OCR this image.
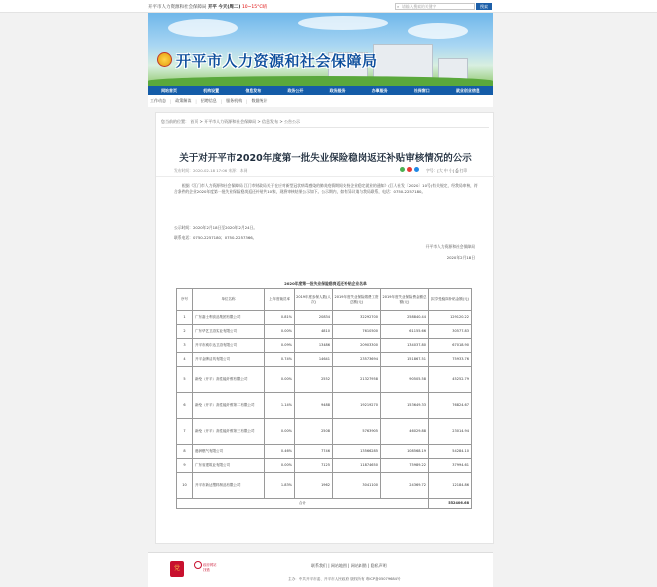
开平市人力资源和社会保障局 开平 今天(周二) 10~15°C晴	⌕ 请输入搜索的关键字	搜索
开平市人力资源和社会保障局
网站首页	机构设置	信息发布	政务公开	政务服务	办事服务	社保窗口	就业创业信息
工作动态 | 政策解读 | 招聘信息 | 服务机构 | 数据统计
您当前的位置： 首页 > 开平市人力资源和社会保障局 > 信息发布 > 公告公示
关于对开平市2020年度第一批失业保险稳岗返还补贴审核情况的公示
发布时间：2020-02-18 17:06 来源：本网	字号：[大 中 小] ⎙ 打印

根据《江门市人力资源和社会保障局 江门市财政局关于在应对新型冠状病毒感染的肺炎疫情期间支持企业稳定就业的通知》(江人社发〔2020〕10号)有关规定，经我局审核，符合条件的企业2020年度第一批失业保险稳岗返还补贴共10家，现将审核结果公示如下。公示期内，如有异议请与我局联系，电话：0750-2257180。

公示时间：2020年2月18日至2020年2月24日。
联系电话：0750-2257180；0750-2257366。
开平市人力资源和社会保障局
2020年2月18日
2020年度第一批失业保险稳岗返还补贴企业名单
序号	单位名称	上年度裁员率	2019年度参保人数(人次)	2019年度失业保险缴费工资总额(元)	2019年度失业保险费金额总额(元)	拟享受稳岗补贴金额(元)
1	广东嘉士利食品集团有限公司	0.81%	20834	32292700	258840.44	129120.22
2	广东华艺卫浴实业有限公司	0.00%	4810	7610500	61155.66	30577.83
3	开平市威尔达卫浴有限公司	0.09%	13486	20903300	134037.80	67018.90
4	开平金牌洁具有限公司	0.74%	14641	23573694	151867.51	75933.76
5	新纶（开平）高性能纤维有限公司	0.00%	2552	21327958	90505.58	45252.79
6	新纶（开平）高性能纤维第二有限公司	1.14%	9488	19219270	153649.33	76824.67
7	新纶（开平）高性能纤维第三有限公司	0.00%	2508	5763905	46029.88	23014.94
8	港润燃气有限公司	0.46%	7746	13566285	108568.19	54284.10
9	广东省建筑业有限公司	0.00%	7125	11874650	75989.22	37994.61
10	开平市新达塑料制品有限公司	1.83%	1962	3041100	24369.72	12184.86
合计						552406.68
党	政府网站
找错
联系我们 | 网站地图 | 网站纠错 | 隐私声明
主办：中共开平市委、开平市人民政府 版权所有 粤ICP备05079684号
